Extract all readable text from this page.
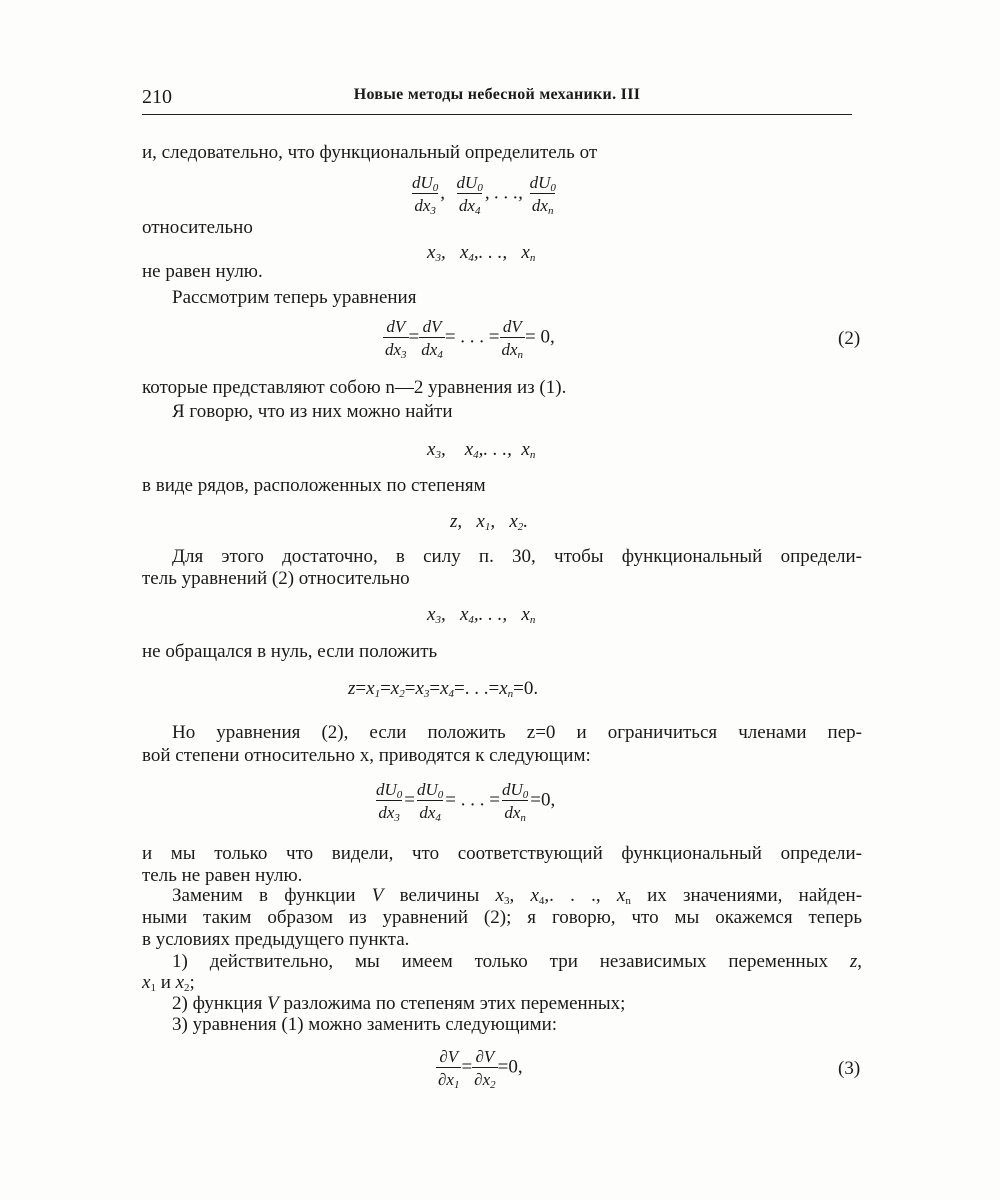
210	Новые методы небесной механики. III

и, следовательно, что функциональный определитель от

$\frac{dU_0}{dx_3}$ , $\frac{dU_0}{dx_4}$ , . . ., $dU_0$
$dx_n$

относительно

$x_3$,   $x_4$,. . .,   $x_n$

не равен нулю.

Рассмотрим теперь уравнения

$\frac{dV}{dx_3} = \frac{dV}{dx_4}$ = . . . = dV
$dx_n$
= 0,	(2)

которые представляют собою n—2 уравнения из (1).

Я говорю, что из них можно найти

$x_3$,    $x_4$,. . .,  $x_n$

в виде рядов, расположенных по степеням

z,   $x_1$,   $x_2$.

Для этого достаточно, в силу п. 30, чтобы функциональный определи-

тель уравнений (2) относительно

$x_3$,   $x_4$,. . .,   $x_n$

не обращался в нуль, если положить

$z=x_1=x_2=x_3=x_4=$. . $.=x_n=0$.

Но уравнения (2), если положить z=0 и ограничиться членами пер-

вой степени относительно x, приводятся к следующим:

$\frac{dU_0}{dx_3} = \frac{dU_0}{dx_4}$ = . . . = $dU_0$
$dx_n$
=0,

и мы только что видели, что соответствующий функциональный определи-

тель не равен нулю.

Заменим в функции V величины $x_3$, $x_4$,. . ., $x_n$ их значениями, найден-

ными таким образом из уравнений (2); я говорю, что мы окажемся теперь

в условиях предыдущего пункта.

1) действительно, мы имеем только три независимых переменных z,

$x_1$ и $x_2$;

2) функция V разложима по степеням этих переменных;

3) уравнения (1) можно заменить следующими:

$\frac{\partial V}{\partial x_1} = \frac{\partial V}{\partial x_2} =0$,	(3)
